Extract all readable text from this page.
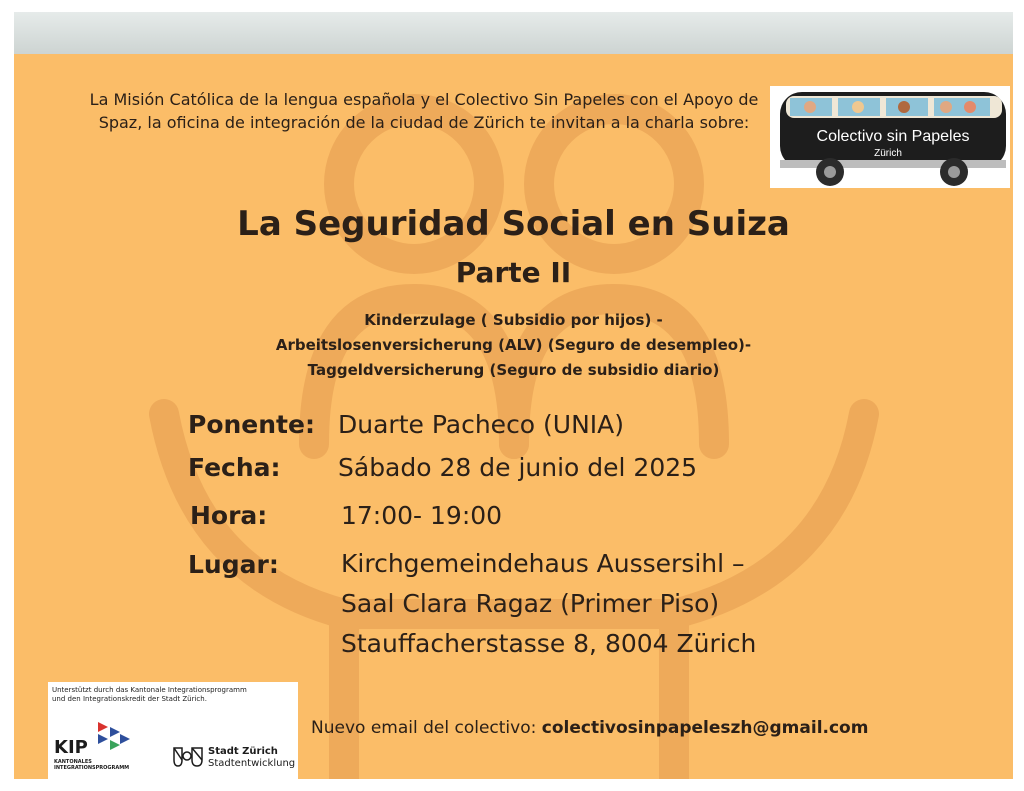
La Misión Católica de la lengua española y el Colectivo Sin Papeles con el Apoyo de Spaz, la oficina de integración de la ciudad de Zürich te invitan a la charla sobre:
Colectivo sin Papeles
Zürich
La Seguridad Social en Suiza
Parte II
Kinderzulage ( Subsidio por hijos) -
Arbeitslosenversicherung (ALV) (Seguro de desempleo)-
Taggeldversicherung (Seguro de subsidio diario)
Ponente: Duarte Pacheco (UNIA)
Fecha: Sábado 28 de junio del 2025
Hora:	17:00- 19:00
Lugar: Kirchgemeindehaus Aussersihl –
Saal Clara Ragaz (Primer Piso)
Stauffacherstasse 8, 8004 Zürich
Unterstützt durch das Kantonale Integrationsprogramm
und den Integrationskredit der Stadt Zürich.
KIP
KANTONALES
INTEGRATIONSPROGRAMM
Stadt Zürich
Stadtentwicklung
Nuevo email del colectivo: colectivosinpapeleszh@gmail.com
